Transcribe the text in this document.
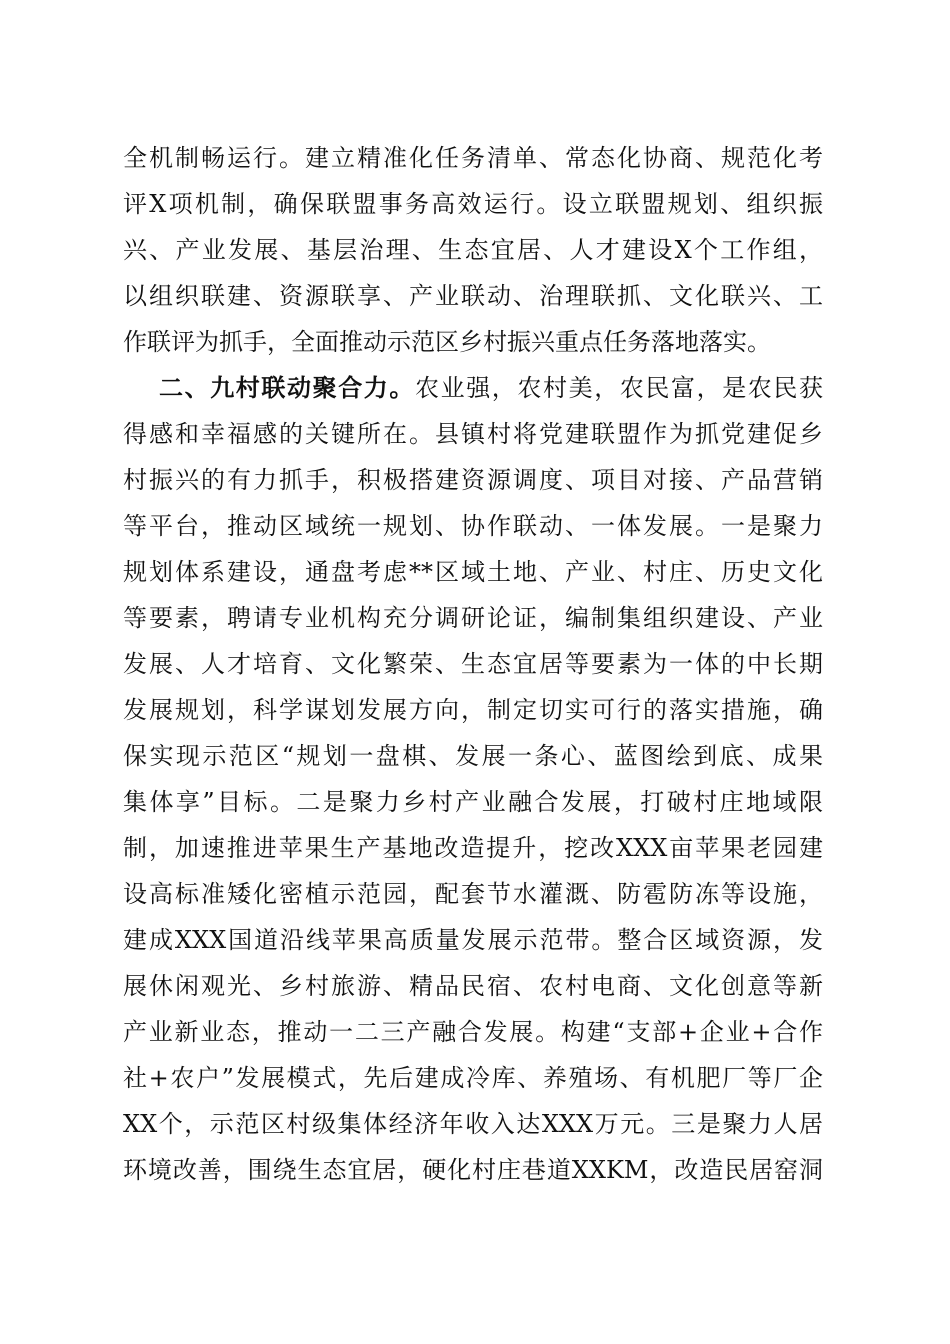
全机制畅运行。建立精准化任务清单、常态化协商、规范化考
评X项机制，确保联盟事务高效运行。设立联盟规划、组织振
兴、产业发展、基层治理、生态宜居、人才建设X个工作组，
以组织联建、资源联享、产业联动、治理联抓、文化联兴、工
作联评为抓手，全面推动示范区乡村振兴重点任务落地落实。
二、九村联动聚合力。农业强，农村美，农民富，是农民获
得感和幸福感的关键所在。县镇村将党建联盟作为抓党建促乡
村振兴的有力抓手，积极搭建资源调度、项目对接、产品营销
等平台，推动区域统一规划、协作联动、一体发展。一是聚力
规划体系建设，通盘考虑**区域土地、产业、村庄、历史文化
等要素，聘请专业机构充分调研论证，编制集组织建设、产业
发展、人才培育、文化繁荣、生态宜居等要素为一体的中长期
发展规划，科学谋划发展方向，制定切实可行的落实措施，确
保实现示范区“规划一盘棋、发展一条心、蓝图绘到底、成果
集体享”目标。二是聚力乡村产业融合发展，打破村庄地域限
制，加速推进苹果生产基地改造提升，挖改XXX亩苹果老园建
设高标准矮化密植示范园，配套节水灌溉、防雹防冻等设施，
建成XXX国道沿线苹果高质量发展示范带。整合区域资源，发
展休闲观光、乡村旅游、精品民宿、农村电商、文化创意等新
产业新业态，推动一二三产融合发展。构建“支部+企业+合作
社+农户”发展模式，先后建成冷库、养殖场、有机肥厂等厂企
XX个，示范区村级集体经济年收入达XXX万元。三是聚力人居
环境改善，围绕生态宜居，硬化村庄巷道XXKM，改造民居窑洞
